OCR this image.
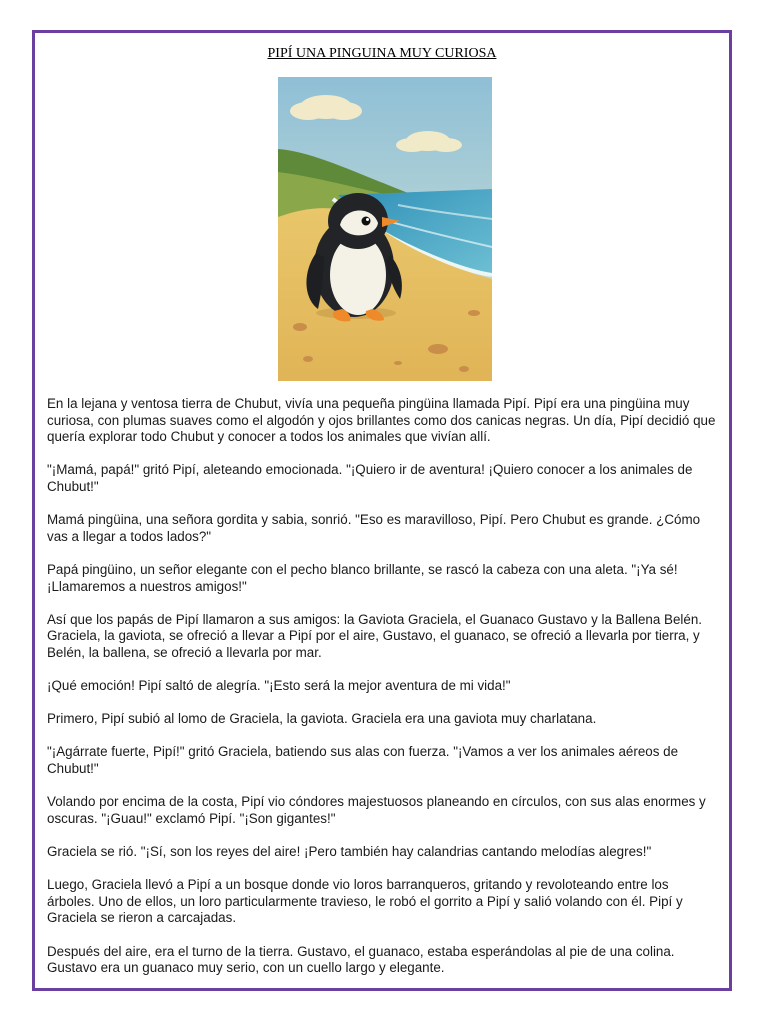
PIPÍ UNA PINGUINA MUY CURIOSA

En la lejana y ventosa tierra de Chubut, vivía una pequeña pingüina llamada Pipí. Pipí era una pingüina muy curiosa, con plumas suaves como el algodón y ojos brillantes como dos canicas negras. Un día, Pipí decidió que quería explorar todo Chubut y conocer a todos los animales que vivían allí.

"¡Mamá, papá!" gritó Pipí, aleteando emocionada. "¡Quiero ir de aventura! ¡Quiero conocer a los animales de Chubut!"

Mamá pingüina, una señora gordita y sabia, sonrió. "Eso es maravilloso, Pipí. Pero Chubut es grande. ¿Cómo vas a llegar a todos lados?"

Papá pingüino, un señor elegante con el pecho blanco brillante, se rascó la cabeza con una aleta. "¡Ya sé! ¡Llamaremos a nuestros amigos!"

Así que los papás de Pipí llamaron a sus amigos: la Gaviota Graciela, el Guanaco Gustavo y la Ballena Belén. Graciela, la gaviota, se ofreció a llevar a Pipí por el aire, Gustavo, el guanaco, se ofreció a llevarla por tierra, y Belén, la ballena, se ofreció a llevarla por mar.

¡Qué emoción! Pipí saltó de alegría. "¡Esto será la mejor aventura de mi vida!"

Primero, Pipí subió al lomo de Graciela, la gaviota. Graciela era una gaviota muy charlatana.

"¡Agárrate fuerte, Pipí!" gritó Graciela, batiendo sus alas con fuerza. "¡Vamos a ver los animales aéreos de Chubut!"

Volando por encima de la costa, Pipí vio cóndores majestuosos planeando en círculos, con sus alas enormes y oscuras. "¡Guau!" exclamó Pipí. "¡Son gigantes!"

Graciela se rió. "¡Sí, son los reyes del aire! ¡Pero también hay calandrias cantando melodías alegres!"

Luego, Graciela llevó a Pipí a un bosque donde vio loros barranqueros, gritando y revoloteando entre los árboles. Uno de ellos, un loro particularmente travieso, le robó el gorrito a Pipí y salió volando con él. Pipí y Graciela se rieron a carcajadas.

Después del aire, era el turno de la tierra. Gustavo, el guanaco, estaba esperándolas al pie de una colina. Gustavo era un guanaco muy serio, con un cuello largo y elegante.
